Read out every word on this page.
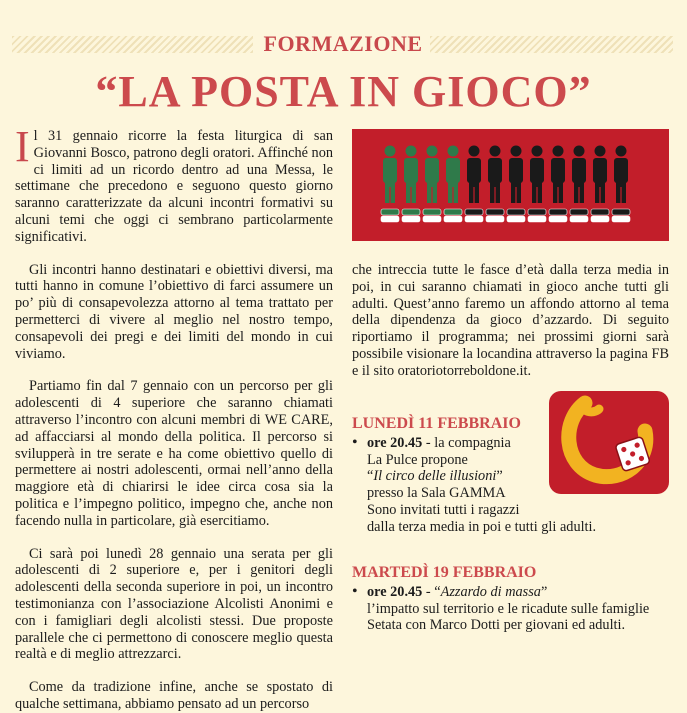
FORMAZIONE
“LA POSTA IN GIOCO”

Il 31 gennaio ricorre la festa liturgica di san Giovanni Bosco, patrono degli oratori. Affinché non ci limiti ad un ricordo dentro ad una Messa, le settimane che precedono e seguono questo giorno saranno caratterizzate da alcuni incontri formativi su alcuni temi che oggi ci sembrano particolarmente significativi.

Gli incontri hanno destinatari e obiettivi diversi, ma tutti hanno in comune l’obiettivo di farci assumere un po’ più di consapevolezza attorno al tema trattato per permetterci di vivere al meglio nel nostro tempo, consapevoli dei pregi e dei limiti del mondo in cui viviamo.

Partiamo fin dal 7 gennaio con un percorso per gli adolescenti di 4 superiore che saranno chiamati attraverso l’incontro con alcuni membri di WE CARE, ad affacciarsi al mondo della politica. Il percorso si svilupperà in tre serate e ha come obiettivo quello di permettere ai nostri adolescenti, ormai nell’anno della maggiore età di chiarirsi le idee circa cosa sia la politica e l’impegno politico, impegno che, anche non facendo nulla in particolare, già esercitiamo.

Ci sarà poi lunedì 28 gennaio una serata per gli adolescenti di 2 superiore e, per i genitori degli adolescenti della seconda superiore in poi, un incontro testimonianza con l’associazione Alcolisti Anonimi e con i famigliari degli alcolisti stessi. Due proposte parallele che ci permettono di conoscere meglio questa realtà e di meglio attrezzarci.

Come da tradizione infine, anche se spostato di qualche settimana, abbiamo pensato ad un percorso

che intreccia tutte le fasce d’età dalla terza media in poi, in cui saranno chiamati in gioco anche tutti gli adulti. Quest’anno faremo un affondo attorno al tema della dipendenza da gioco d’azzardo. Di seguito riportiamo il programma; nei prossimi giorni sarà possibile visionare la locandina attraverso la pagina FB e il sito oratoriotorreboldone.it.

LUNEDÌ 11 FEBBRAIO
•
ore 20.45 - la compagnia
La Pulce propone
“Il circo delle illusioni”
presso la Sala GAMMA
Sono invitati tutti i ragazzi
dalla terza media in poi e tutti gli adulti.
MARTEDÌ 19 FEBBRAIO
•
ore 20.45 - “Azzardo di massa”
l’impatto sul territorio e le ricadute sulle famiglie
Setata con Marco Dotti per giovani ed adulti.
